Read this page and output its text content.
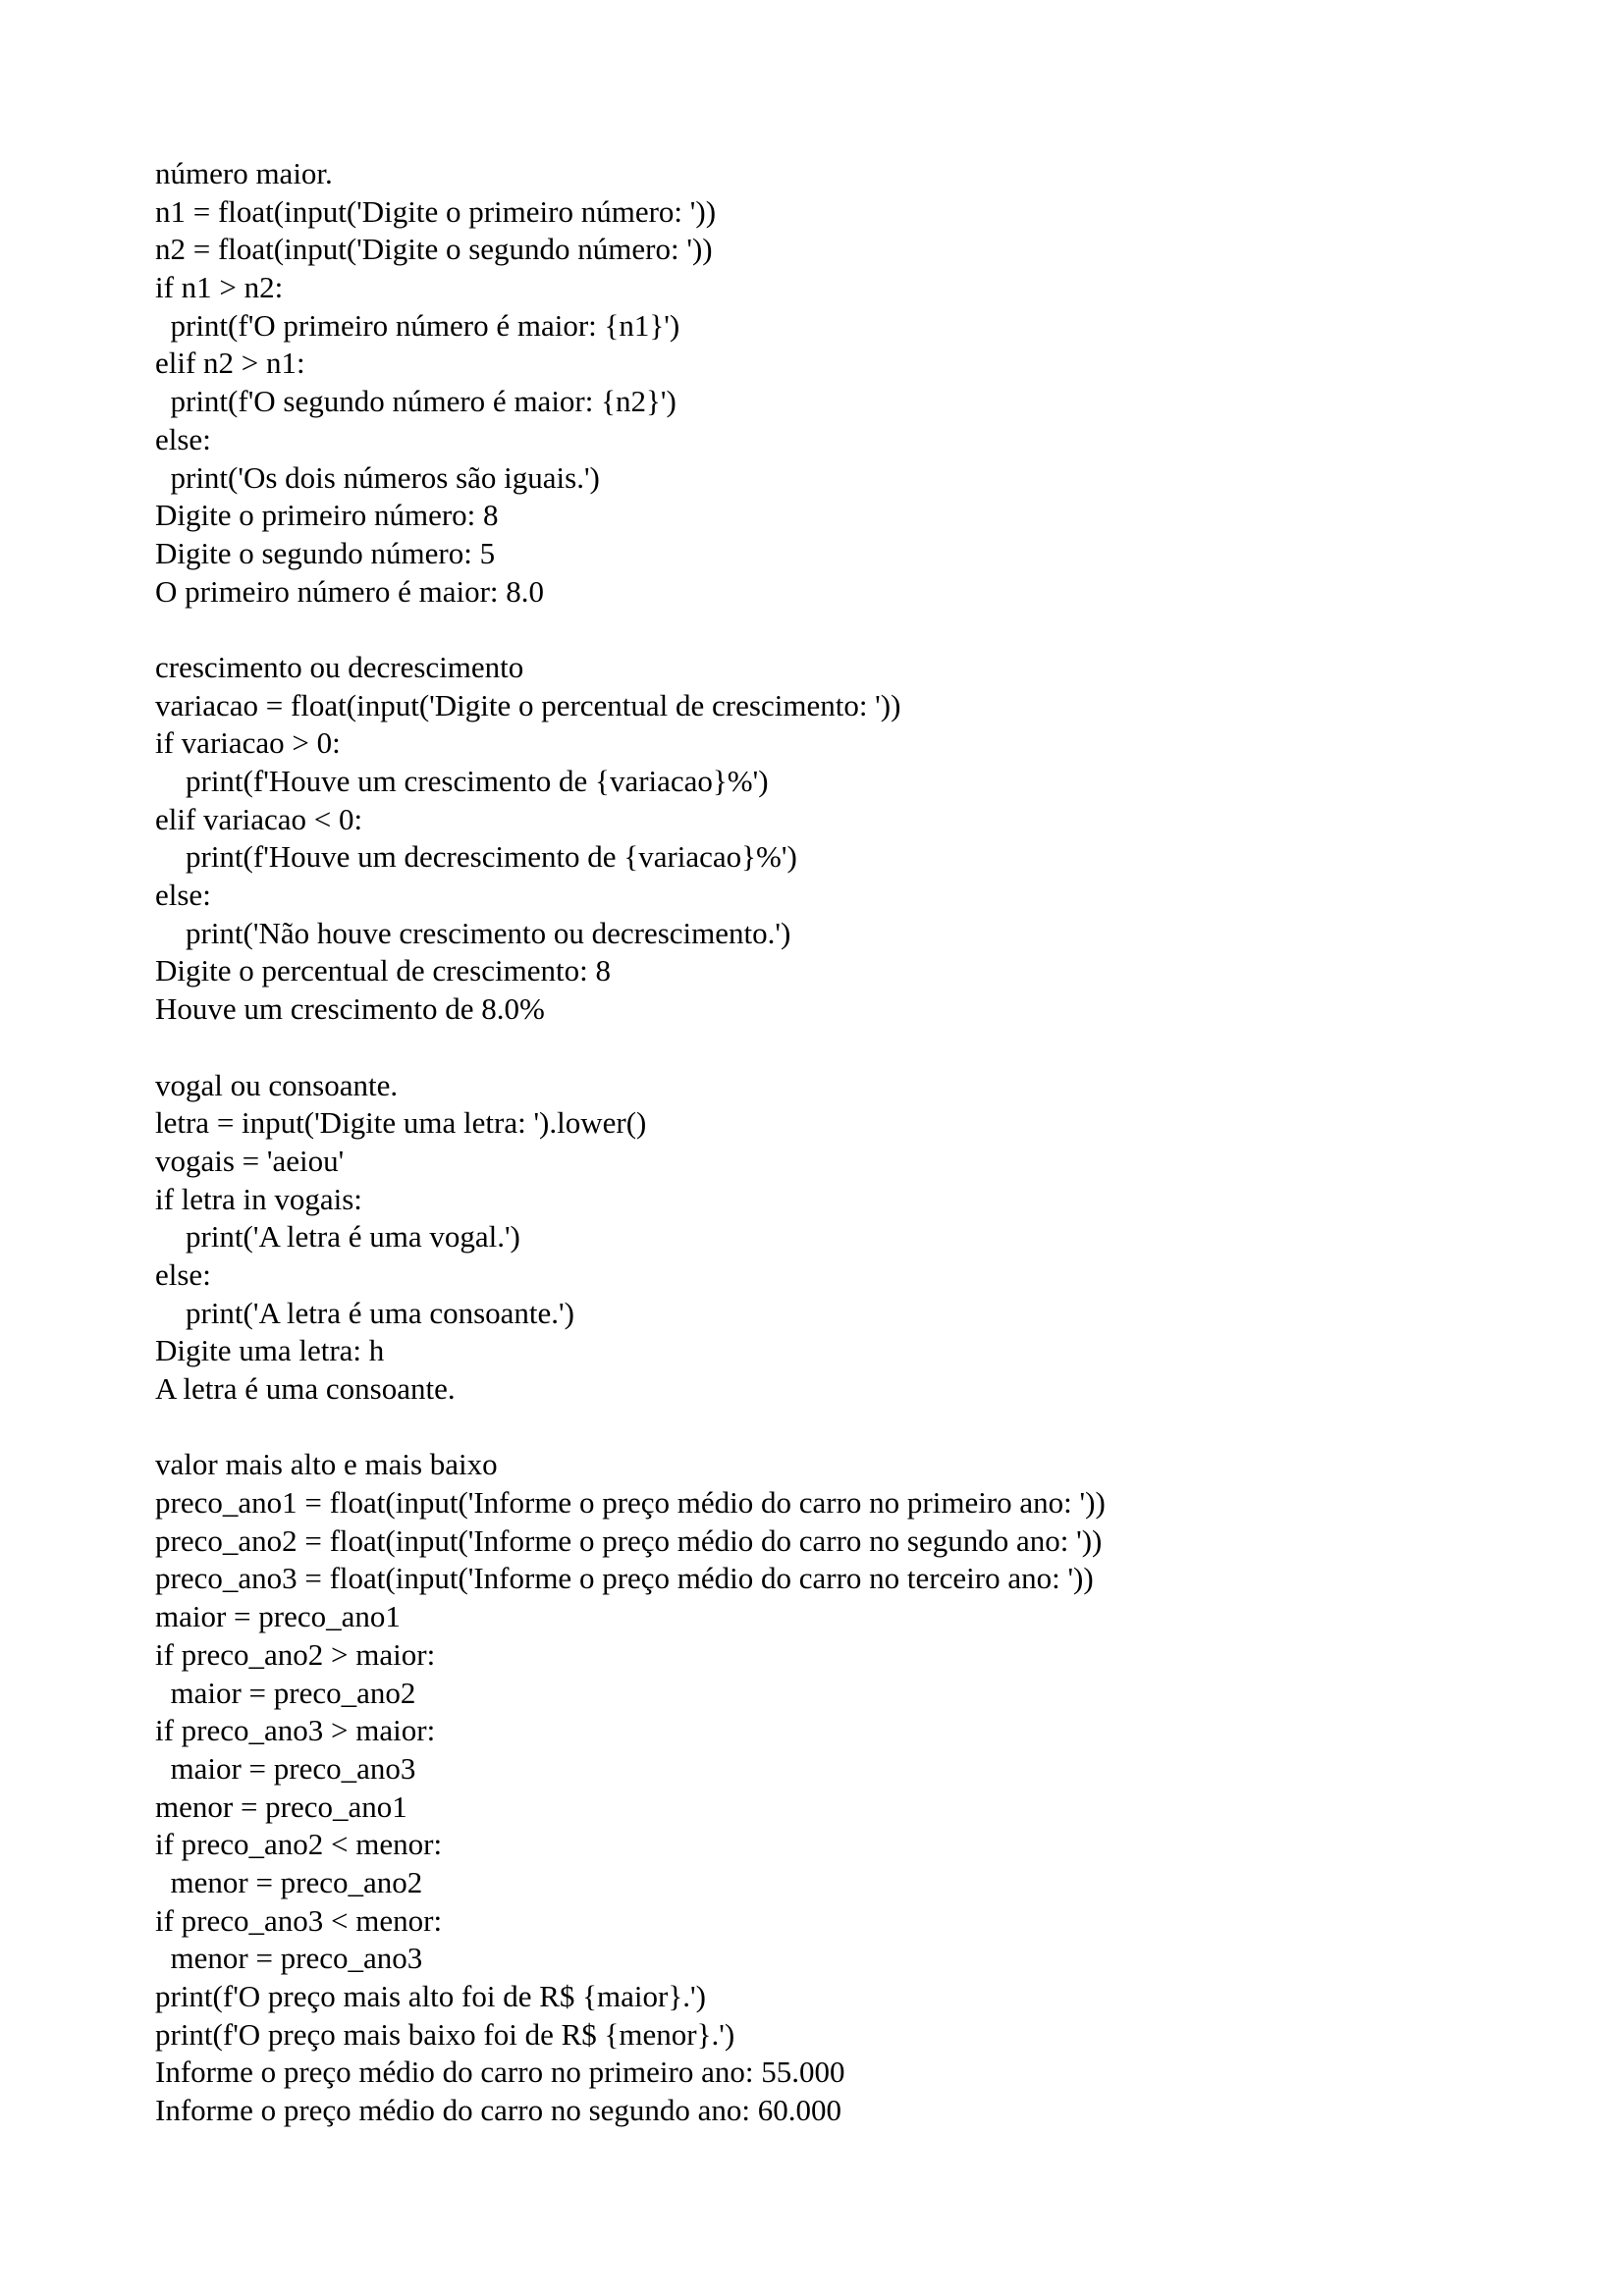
número maior.
n1 = float(input('Digite o primeiro número: '))
n2 = float(input('Digite o segundo número: '))
if n1 > n2:
print(f'O primeiro número é maior: {n1}')
elif n2 > n1:
print(f'O segundo número é maior: {n2}')
else:
print('Os dois números são iguais.')
Digite o primeiro número: 8
Digite o segundo número: 5
O primeiro número é maior: 8.0
crescimento ou decrescimento
variacao = float(input('Digite o percentual de crescimento: '))
if variacao > 0:
print(f'Houve um crescimento de {variacao}%')
elif variacao < 0:
print(f'Houve um decrescimento de {variacao}%')
else:
print('Não houve crescimento ou decrescimento.')
Digite o percentual de crescimento: 8
Houve um crescimento de 8.0%
vogal ou consoante.
letra = input('Digite uma letra: ').lower()
vogais = 'aeiou'
if letra in vogais:
print('A letra é uma vogal.')
else:
print('A letra é uma consoante.')
Digite uma letra: h
A letra é uma consoante.
valor mais alto e mais baixo
preco_ano1 = float(input('Informe o preço médio do carro no primeiro ano: '))
preco_ano2 = float(input('Informe o preço médio do carro no segundo ano: '))
preco_ano3 = float(input('Informe o preço médio do carro no terceiro ano: '))
maior = preco_ano1
if preco_ano2 > maior:
maior = preco_ano2
if preco_ano3 > maior:
maior = preco_ano3
menor = preco_ano1
if preco_ano2 < menor:
menor = preco_ano2
if preco_ano3 < menor:
menor = preco_ano3
print(f'O preço mais alto foi de R$ {maior}.')
print(f'O preço mais baixo foi de R$ {menor}.')
Informe o preço médio do carro no primeiro ano: 55.000
Informe o preço médio do carro no segundo ano: 60.000
